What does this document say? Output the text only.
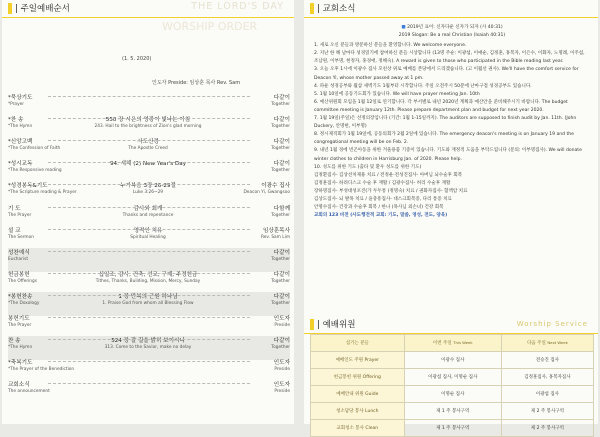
| 주일예배순서	THE LORD'S DAY
WORSHIP ORDER
(1. 5. 2020)
인도자 Preside: 임상훈 목사 Rev. Sam
*묵상기도	다같이
*Prayer	Together
*찬 송	550 장 시온의 영광이 빛나는 아침	다같이
*The Hymn	243. Hail to the brightness of Zion's glad morning	Together
*신앙고백	사도신경	다같이
*The Confession of Faith	The Apostle Creed	Together
*성시교독	94. 새해 (2) New Year's Day	다같이
*The Responsive reading	Together
*성경봉독&기도	누가복음 3장 26-29절	이광수 집사
*The Scripture reading & Prayer	Luke 3:26~29	Deacon Yi, Gwangsoo
기 도	감사와 회개	다함께
The Prayer	Thanks and repentance	Together
설 교	영적인 치유	임상훈목사
The Sermon	Spiritual Healing	Rev. Sam Lim
성찬예식	다같이
Eucharist	Together
헌금봉헌	십일조, 감사, 건축, 선교, 구제, 주정헌금	다같이
The Offerings	Tithes, Thanks, Building, Mission, Mercy, Sunday	Together
*봉헌찬송	1 장 만복의 근원 하나님	다같이
*The Doxology	1. Praise God from whom all Blessing Flow	Together
봉헌기도	인도자
The Prayer	Preside
찬 송	524 장 갈 길을 밝히 보이시니	다같이
*The Hymn	313. Come to the Savior, make no delay	Together
*축복기도	인도자
*The Prayer of the Benediction	Preside
교회소식	인도자
The announcement	Preside
| 교회소식

■ 2019년 표어: 신자다운 신자가 되자 (사 40:31)

2019 Slogan: Be a real Christian (Isaiah 40:31)

1. 새로 오신 분들과 방문하신 분들을 환영합니다. We welcome everyone.

2. 지난 한 해 날마다 성경읽기에 참여하신 분들 시상합니다 (13명 주순: 이광섭, 이애순, 김정훈, 홍복자, 이은수, 이화자, 노명례, 이주섭, 조남원, 이부명, 현정자, 홍경애, 정해숙). A reward is given to those who participated in the Bible reading last year.

3. 오늘 오후 1시에 이광수 집사 모친상 위로 예배를 본당에서 드리겠습니다. (고 이월선 권사). We'll have the comfort service for Deacon Yi, whose mother passed away at 1 pm.

4. 파운 성경공부와 월삼 새벽기도 1월부터 시작합니다. 주일 오전주시 50분에 난마구점 성경공부도 있습니다.

5. 1월 10일에 공동기도회가 있습니다. We will have prayer meeting Jan. 10th

6. 예산위원회 모임을 1월 12일로 연기합니다. 각 부서별로 내년 2020년 계획과 예산안을 준비해주시기 바랍니다. The budget committee meeting is January 12th. Please prepare department plan and budget for next year 2020.

7. 1월 19일(주일)은 선정의장입니다 (기간: 1월 1-15일까지). The auditors are supposed to finish audit by Jan. 11th. (John Duckery, 안명현, 이부명)

8. 정시제직회가 1월 19일에, 공동의회가 2월 2일에 있습니다. The emergency deacon's meeting is on January 19 and the congregational meeting will be on Feb. 2.

9. 내년 1월 경에 빈곤아동을 위한 겨울용품 기증이 있습니다. 기도와 재정적 도움을 부탁드립니다 (문의: 이부명집사). We will donate winter clothes to children in Harrisburg Jan. of 2020. Please help.

10. 성도를 위한 기도 (출타 및 환우 성도를 위한 기도)

김정환집사- 김상선처제용 치료 / 전정운·전성진집사- 아버님 뇌수술후 회복

김정훈집사- 하려디스크 수술 후 재활 / 김광수집사- 허리 수술후 재활

장하명집사- 부성대성포진(가 두두통 (정명숙) 치료 / 권화자집사- 혈액암 치료

김상도집사- 뇌 발목 치료 / 윤충흥집사- 대스크회복증, 다리 통증 치료

안명수집사- 건강과 수술후 회복 / 한나 (목사님 외손녀) 건강 회복

교회의 123 비전 (사도행전적 교회: 기도, 말씀, 영성, 전도, 양육)

| 예배위원	Worship Service
섬기는 분들	이번 주일 This Week	다음 주일 Next Week
예배인도 주원 Prayer	이광수 집사	전승진 집사
헌금봉헌 위원 Offering	이광섭 집사, 이명순 집사	김정훈집사, 홍복자집사
예배안내 위원 Guide	이명순 집사	이광섭 집사
청소담당 봉사 Lunch	제 1 주 봉사구역	제 2 주 봉사구역
교회청소 봉사 Clean	제 1 주 봉사구역	제 2 주 봉사구역
